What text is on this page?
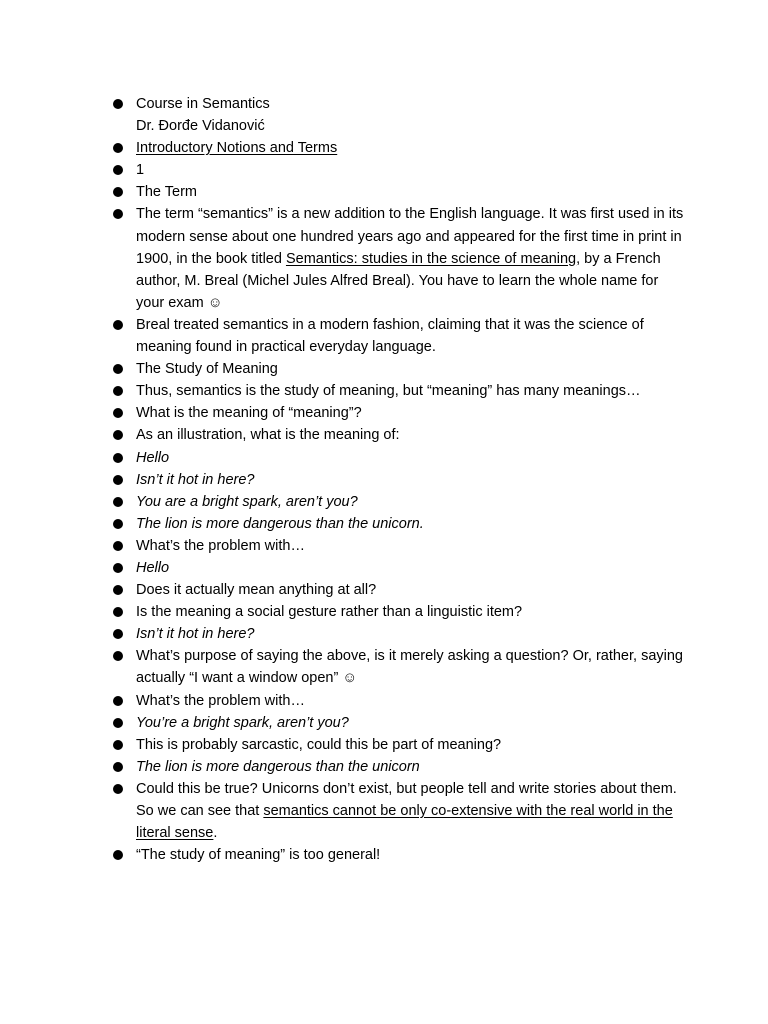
Course in Semantics
Dr. Đorđe Vidanović
Introductory Notions and Terms
1
The Term
The term “semantics” is a new addition to the English language. It was first used in its modern sense about one hundred years ago and appeared for the first time in print in 1900, in the book titled Semantics: studies in the science of meaning, by a French author, M. Breal (Michel Jules Alfred Breal). You have to learn the whole name for your exam ☺
Breal treated semantics in a modern fashion, claiming that it was the science of meaning found in practical everyday language.
The Study of Meaning
Thus, semantics is the study of meaning, but “meaning” has many meanings…
What is the meaning of “meaning”?
As an illustration, what is the meaning of:
Hello
Isn’t it hot in here?
You are a bright spark, aren’t you?
The lion is more dangerous than the unicorn.
What’s the problem with…
Hello
Does it actually mean anything at all?
Is the meaning a social gesture rather than a linguistic item?
Isn’t it hot in here?
What’s purpose of saying the above, is it merely asking a question? Or, rather, saying actually “I want a window open” ☺
What’s the problem with…
You’re a bright spark, aren’t you?
This is probably sarcastic, could this be part of meaning?
The lion is more dangerous than the unicorn
Could this be true? Unicorns don’t exist, but people tell and write stories about them. So we can see that semantics cannot be only co-extensive with the real world in the literal sense.
“The study of meaning” is too general!
